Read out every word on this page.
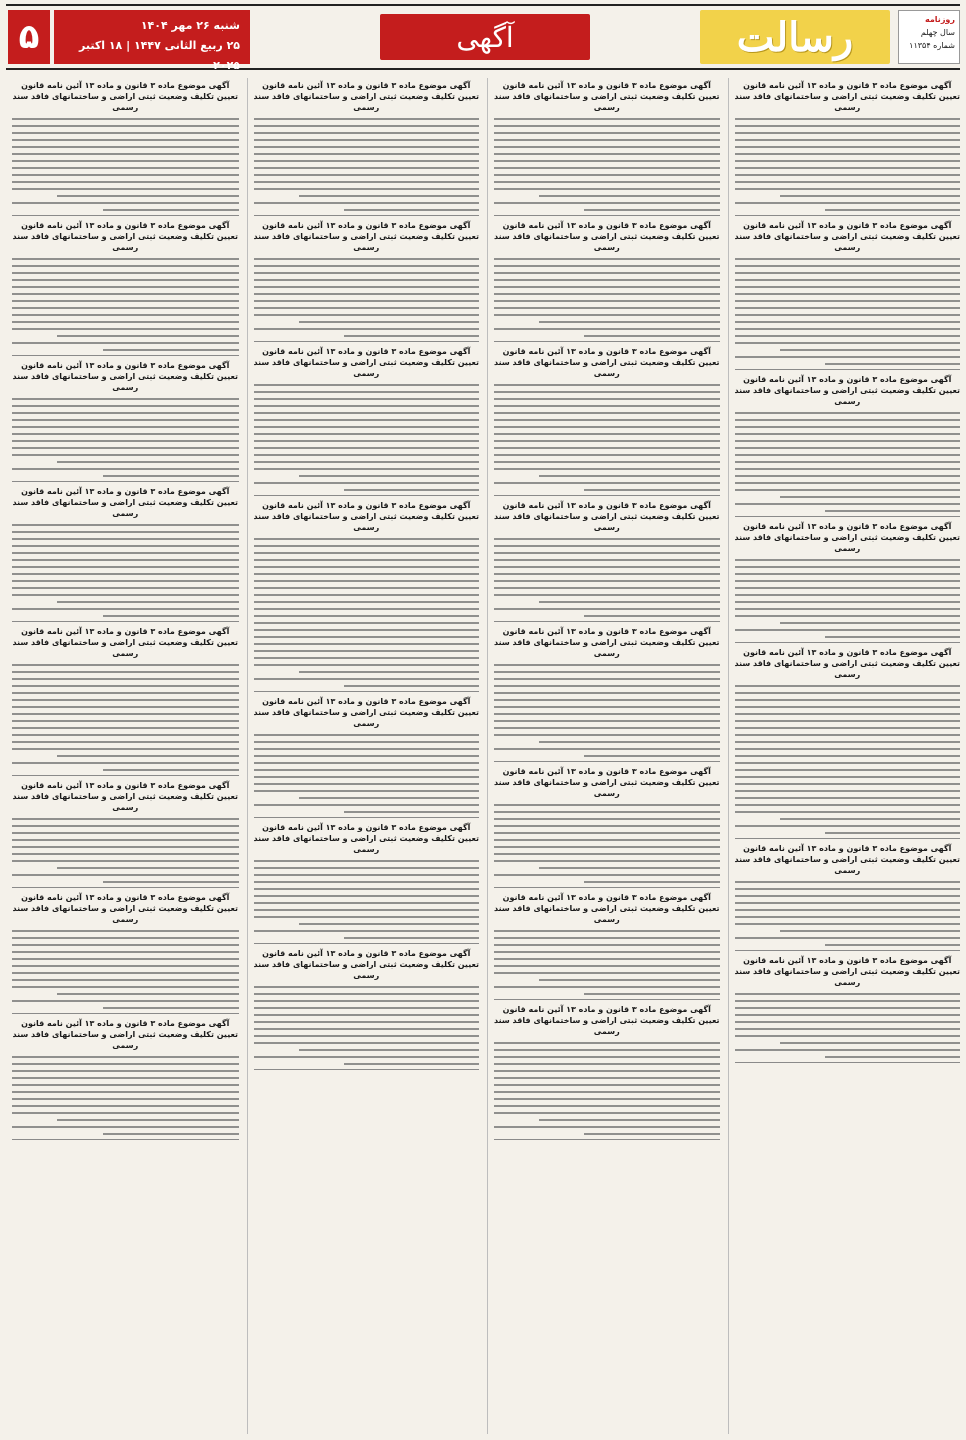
روزنامه
سال چهلم
شماره ۱۱۳۵۴
رسالت
آگهی
شنبه ۲۶ مهر ۱۴۰۴
۲۵ ربیع الثانی ۱۴۴۷ | ۱۸ اکتبر ۲۰۲۵
۵
آگهی موضوع ماده ۳ قانون و ماده ۱۳ آئین نامه قانون تعیین تکلیف وضعیت ثبتی اراضی و ساختمانهای فاقد سند رسمی
آگهی موضوع ماده ۳ قانون و ماده ۱۳ آئین نامه قانون تعیین تکلیف وضعیت ثبتی اراضی و ساختمانهای فاقد سند رسمی
آگهی موضوع ماده ۳ قانون و ماده ۱۳ آئین نامه قانون تعیین تکلیف وضعیت ثبتی اراضی و ساختمانهای فاقد سند رسمی
آگهی موضوع ماده ۳ قانون و ماده ۱۳ آئین نامه قانون تعیین تکلیف وضعیت ثبتی اراضی و ساختمانهای فاقد سند رسمی
آگهی موضوع ماده ۳ قانون و ماده ۱۳ آئین نامه قانون تعیین تکلیف وضعیت ثبتی اراضی و ساختمانهای فاقد سند رسمی
آگهی موضوع ماده ۳ قانون و ماده ۱۳ آئین نامه قانون تعیین تکلیف وضعیت ثبتی اراضی و ساختمانهای فاقد سند رسمی
آگهی موضوع ماده ۳ قانون و ماده ۱۳ آئین نامه قانون تعیین تکلیف وضعیت ثبتی اراضی و ساختمانهای فاقد سند رسمی
آگهی موضوع ماده ۳ قانون و ماده ۱۳ آئین نامه قانون تعیین تکلیف وضعیت ثبتی اراضی و ساختمانهای فاقد سند رسمی
آگهی موضوع ماده ۳ قانون و ماده ۱۳ آئین نامه قانون تعیین تکلیف وضعیت ثبتی اراضی و ساختمانهای فاقد سند رسمی
آگهی موضوع ماده ۳ قانون و ماده ۱۳ آئین نامه قانون تعیین تکلیف وضعیت ثبتی اراضی و ساختمانهای فاقد سند رسمی
آگهی موضوع ماده ۳ قانون و ماده ۱۳ آئین نامه قانون تعیین تکلیف وضعیت ثبتی اراضی و ساختمانهای فاقد سند رسمی
آگهی موضوع ماده ۳ قانون و ماده ۱۳ آئین نامه قانون تعیین تکلیف وضعیت ثبتی اراضی و ساختمانهای فاقد سند رسمی
آگهی موضوع ماده ۳ قانون و ماده ۱۳ آئین نامه قانون تعیین تکلیف وضعیت ثبتی اراضی و ساختمانهای فاقد سند رسمی
آگهی موضوع ماده ۳ قانون و ماده ۱۳ آئین نامه قانون تعیین تکلیف وضعیت ثبتی اراضی و ساختمانهای فاقد سند رسمی
آگهی موضوع ماده ۳ قانون و ماده ۱۳ آئین نامه قانون تعیین تکلیف وضعیت ثبتی اراضی و ساختمانهای فاقد سند رسمی
آگهی موضوع ماده ۳ قانون و ماده ۱۳ آئین نامه قانون تعیین تکلیف وضعیت ثبتی اراضی و ساختمانهای فاقد سند رسمی
آگهی موضوع ماده ۳ قانون و ماده ۱۳ آئین نامه قانون تعیین تکلیف وضعیت ثبتی اراضی و ساختمانهای فاقد سند رسمی
آگهی موضوع ماده ۳ قانون و ماده ۱۳ آئین نامه قانون تعیین تکلیف وضعیت ثبتی اراضی و ساختمانهای فاقد سند رسمی
آگهی موضوع ماده ۳ قانون و ماده ۱۳ آئین نامه قانون تعیین تکلیف وضعیت ثبتی اراضی و ساختمانهای فاقد سند رسمی
آگهی موضوع ماده ۳ قانون و ماده ۱۳ آئین نامه قانون تعیین تکلیف وضعیت ثبتی اراضی و ساختمانهای فاقد سند رسمی
آگهی موضوع ماده ۳ قانون و ماده ۱۳ آئین نامه قانون تعیین تکلیف وضعیت ثبتی اراضی و ساختمانهای فاقد سند رسمی
آگهی موضوع ماده ۳ قانون و ماده ۱۳ آئین نامه قانون تعیین تکلیف وضعیت ثبتی اراضی و ساختمانهای فاقد سند رسمی
آگهی موضوع ماده ۳ قانون و ماده ۱۳ آئین نامه قانون تعیین تکلیف وضعیت ثبتی اراضی و ساختمانهای فاقد سند رسمی
آگهی موضوع ماده ۳ قانون و ماده ۱۳ آئین نامه قانون تعیین تکلیف وضعیت ثبتی اراضی و ساختمانهای فاقد سند رسمی
آگهی موضوع ماده ۳ قانون و ماده ۱۳ آئین نامه قانون تعیین تکلیف وضعیت ثبتی اراضی و ساختمانهای فاقد سند رسمی
آگهی موضوع ماده ۳ قانون و ماده ۱۳ آئین نامه قانون تعیین تکلیف وضعیت ثبتی اراضی و ساختمانهای فاقد سند رسمی
آگهی موضوع ماده ۳ قانون و ماده ۱۳ آئین نامه قانون تعیین تکلیف وضعیت ثبتی اراضی و ساختمانهای فاقد سند رسمی
آگهی موضوع ماده ۳ قانون و ماده ۱۳ آئین نامه قانون تعیین تکلیف وضعیت ثبتی اراضی و ساختمانهای فاقد سند رسمی
آگهی موضوع ماده ۳ قانون و ماده ۱۳ آئین نامه قانون تعیین تکلیف وضعیت ثبتی اراضی و ساختمانهای فاقد سند رسمی
آگهی موضوع ماده ۳ قانون و ماده ۱۳ آئین نامه قانون تعیین تکلیف وضعیت ثبتی اراضی و ساختمانهای فاقد سند رسمی
